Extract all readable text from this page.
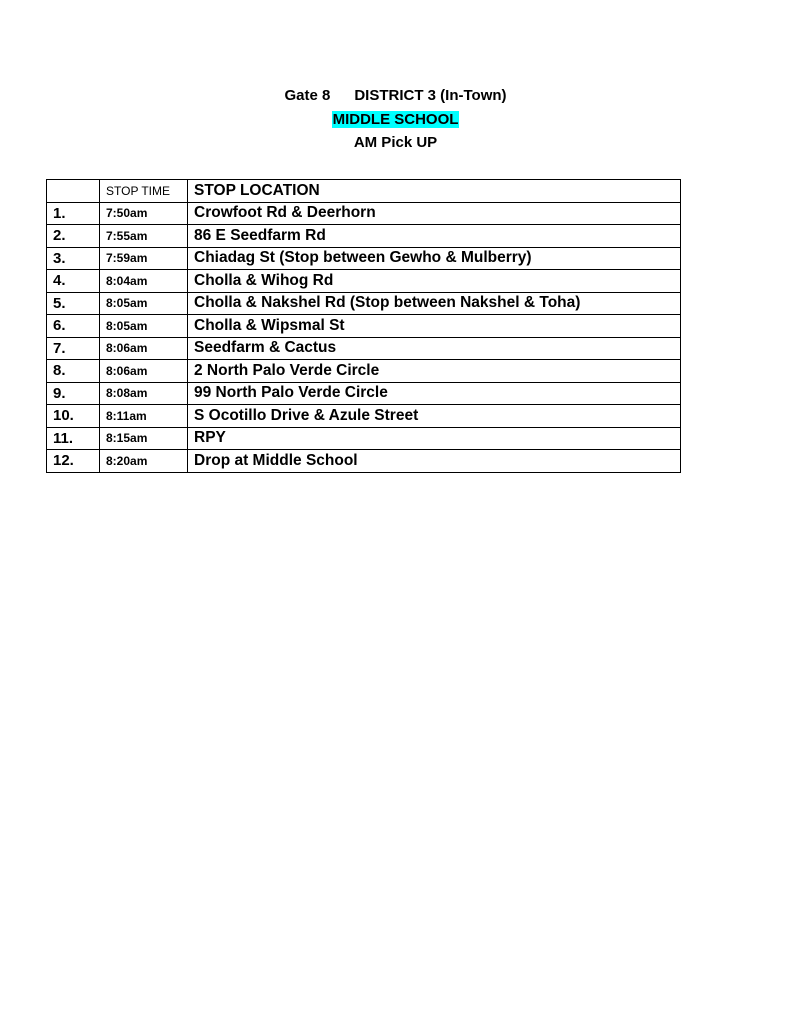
Gate 8 DISTRICT 3 (In-Town)
MIDDLE SCHOOL
AM Pick UP
	STOP TIME	STOP LOCATION
1.	7:50am	Crowfoot Rd & Deerhorn
2.	7:55am	86 E Seedfarm Rd
3.	7:59am	Chiadag St (Stop between Gewho & Mulberry)
4.	8:04am	Cholla & Wihog Rd
5.	8:05am	Cholla & Nakshel Rd (Stop between Nakshel & Toha)
6.	8:05am	Cholla & Wipsmal St
7.	8:06am	Seedfarm & Cactus
8.	8:06am	2 North Palo Verde Circle
9.	8:08am	99 North Palo Verde Circle
10.	8:11am	S Ocotillo Drive & Azule Street
11.	8:15am	RPY
12.	8:20am	Drop at Middle School
